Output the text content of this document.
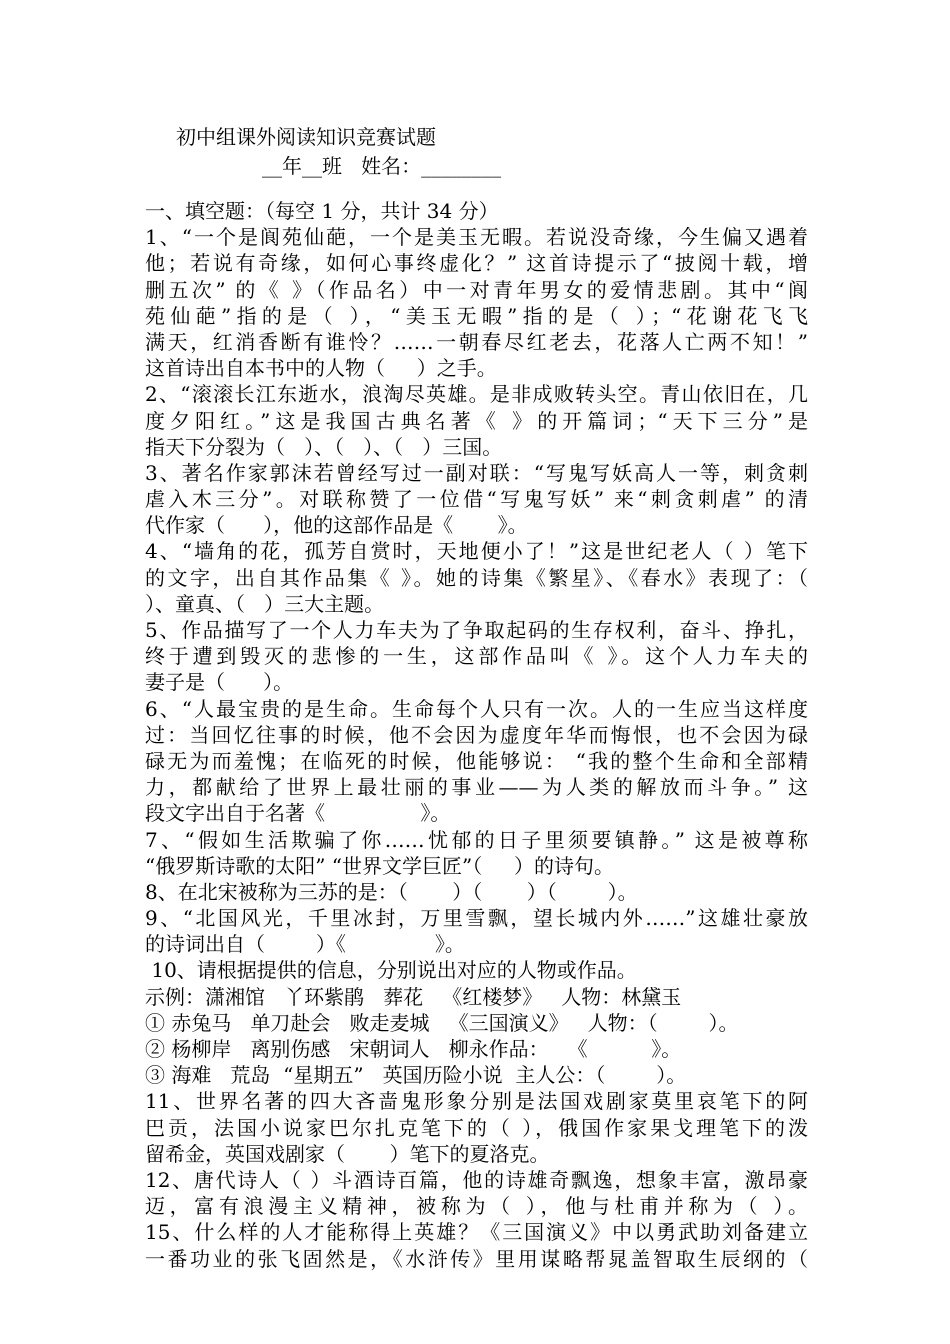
初中组课外阅读知识竞赛试题
__年__班   姓名：________
一、填空题：（每空 1 分，共计 34 分）
1、“一个是阆苑仙葩，一个是美玉无暇。若说没奇缘，今生偏又遇着
他；若说有奇缘，如何心事终虚化？” 这首诗提示了“披阅十载，增
删五次” 的《 》（作品名）中一对青年男女的爱情悲剧。其中“阆
苑仙葩”指的是（ ），“美玉无暇”指的是（ ）；“花谢花飞飞
满天，红消香断有谁怜？……一朝春尽红老去，花落人亡两不知！”
这首诗出自本书中的人物（     ）之手。
2、“滚滚长江东逝水，浪淘尽英雄。是非成败转头空。青山依旧在，几
度夕阳红。”这是我国古典名著《 》的开篇词；“天下三分”是
指天下分裂为（   ）、（   ）、（   ）三国。
3、著名作家郭沫若曾经写过一副对联：“写鬼写妖高人一等，刺贪刺
虐入木三分”。对联称赞了一位借“写鬼写妖” 来“刺贪刺虐” 的清
代作家（      ），他的这部作品是《       》。
4、“墙角的花，孤芳自赏时，天地便小了！”这是世纪老人（ ）笔下
的文字，出自其作品集《 》。她的诗集《繁星》、《春水》表现了：（
）、童真、（   ）三大主题。
5、作品描写了一个人力车夫为了争取起码的生存权利，奋斗、挣扎，
终于遭到毁灭的悲惨的一生，这部作品叫《 》。这个人力车夫的
妻子是（      ）。
6、“人最宝贵的是生命。生命每个人只有一次。人的一生应当这样度
过：当回忆往事的时候，他不会因为虚度年华而悔恨，也不会因为碌
碌无为而羞愧；在临死的时候，他能够说： “我的整个生命和全部精
力，都献给了世界上最壮丽的事业——为人类的解放而斗争。” 这
段文字出自于名著《               》。
7、“假如生活欺骗了你……忧郁的日子里须要镇静。” 这是被尊称
“俄罗斯诗歌的太阳” “世界文学巨匠”（     ）的诗句。
8、在北宋被称为三苏的是：（       ）（       ）（        ）。
9、“北国风光，千里冰封，万里雪飘，望长城内外……”这雄壮豪放
的诗词出自（        ）《              》。
10、请根据提供的信息，分别说出对应的人物或作品。
示例：潇湘馆   丫环紫鹃   葬花   《红楼梦》   人物：林黛玉
① 赤兔马   单刀赴会   败走麦城   《三国演义》   人物：（        ）。
② 杨柳岸   离别伤感   宋朝词人   柳永作品：   《          》。
③ 海难   荒岛  “星期五”   英国历险小说  主人公：（        ）。
11、世界名著的四大吝啬鬼形象分别是法国戏剧家莫里哀笔下的阿
巴贡，法国小说家巴尔扎克笔下的（ ），俄国作家果戈理笔下的泼
留希金，英国戏剧家（       ）笔下的夏洛克。
12、唐代诗人（ ）斗酒诗百篇，他的诗雄奇飘逸，想象丰富，激昂豪
迈，富有浪漫主义精神，被称为（ ），他与杜甫并称为（ ）。
15、什么样的人才能称得上英雄？《三国演义》中以勇武助刘备建立
一番功业的张飞固然是，《水浒传》里用谋略帮晁盖智取生辰纲的（
